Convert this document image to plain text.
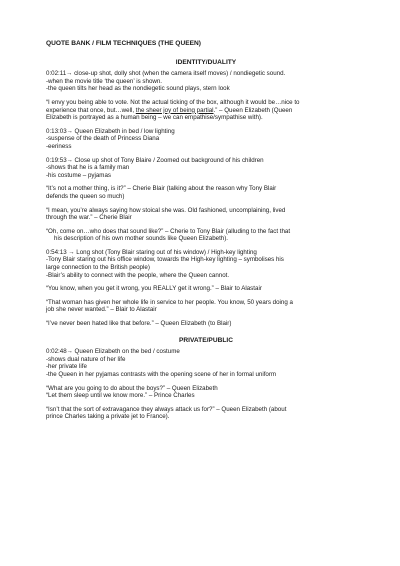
QUOTE BANK / FILM TECHNIQUES (THE QUEEN)
IDENTITY/DUALITY
0:02:11→ close-up shot, dolly shot (when the camera itself moves) / nondiegetic sound.
-when the movie title ‘the queen’ is shown.
-the queen tilts her head as the nondiegetic sound plays, stern look
“I envy you being able to vote. Not the actual ticking of the box, although it would be…nice to
experience that once, but…well, the sheer joy of being partial.” – Queen Elizabeth (Queen
Elizabeth is portrayed as a human being – we can empathise/sympathise with).
0:13:03→ Queen Elizabeth in bed / low lighting
-suspense of the death of Princess Diana
-eeriness
0:19:53→ Close up shot of Tony Blaire / Zoomed out background of his children
-shows that he is a family man
-his costume – pyjamas
“It’s not a mother thing, is it?” – Cherie Blair (talking about the reason why Tony Blair
defends the queen so much)
“I mean, you’re always saying how stoical she was. Old fashioned, uncomplaining, lived
through the war.” – Cherie Blair
“Oh, come on…who does that sound like?” – Cherie to Tony Blair (alluding to the fact that
his description of his own mother sounds like Queen Elizabeth).
0:54:13 → Long shot (Tony Blair staring out of his window) / High-key lighting
-Tony Blair staring out his office window, towards the High-key lighting – symbolises his
large connection to the British people)
-Blair’s ability to connect with the people, where the Queen cannot.
“You know, when you get it wrong, you REALLY get it wrong.” – Blair to Alastair
“That woman has given her whole life in service to her people. You know, 50 years doing a
job she never wanted.” – Blair to Alastair
“I’ve never been hated like that before.” – Queen Elizabeth (to Blair)
PRIVATE/PUBLIC
0:02:48→ Queen Elizabeth on the bed / costume
-shows dual nature of her life
-her private life
-the Queen in her pyjamas contrasts with the opening scene of her in formal uniform
“What are you going to do about the boys?” – Queen Elizabeth
“Let them sleep until we know more.” – Prince Charles
“Isn’t that the sort of extravagance they always attack us for?” – Queen Elizabeth (about
prince Charles taking a private jet to France).
